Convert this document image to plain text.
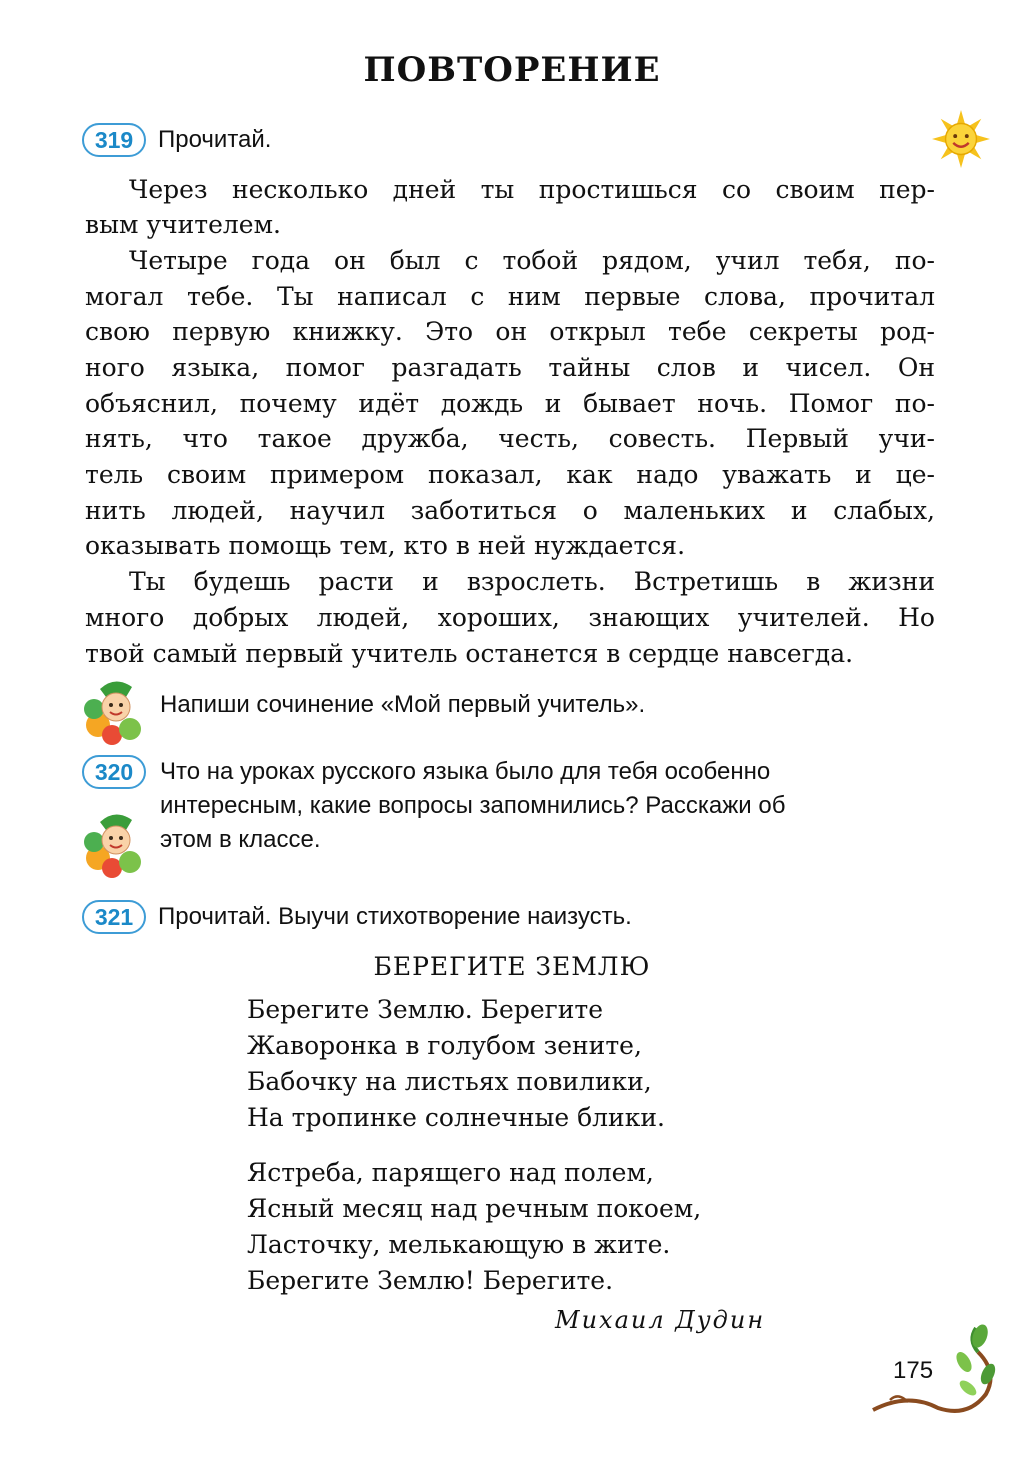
ПОВТОРЕНИЕ
319	Прочитай.

Через несколько дней ты простишься со своим пер-

вым учителем.

Четыре года он был с тобой рядом, учил тебя, по-

могал тебе. Ты написал с ним первые слова, прочитал

свою первую книжку. Это он открыл тебе секреты род-

ного языка, помог разгадать тайны слов и чисел. Он

объяснил, почему идёт дождь и бывает ночь. Помог по-

нять, что такое дружба, честь, совесть. Первый учи-

тель своим примером показал, как надо уважать и це-

нить людей, научил заботиться о маленьких и слабых,

оказывать помощь тем, кто в ней нуждается.

Ты будешь расти и взрослеть. Встретишь в жизни

много добрых людей, хороших, знающих учителей. Но

твой самый первый учитель останется в сердце навсегда.

Напиши сочинение «Мой первый учитель».
320	Что на уроках русского языка было для тебя особенно
интересным, какие вопросы запомнились? Расскажи об
этом в классе.
321	Прочитай. Выучи стихотворение наизусть.
БЕРЕГИТЕ ЗЕМЛЮ
Берегите Землю. Берегите
Жаворонка в голубом зените,
Бабочку на листьях повилики,
На тропинке солнечные блики.
Ястреба, парящего над полем,
Ясный месяц над речным покоем,
Ласточку, мелькающую в жите.
Берегите Землю! Берегите.
Михаил Дудин
175
